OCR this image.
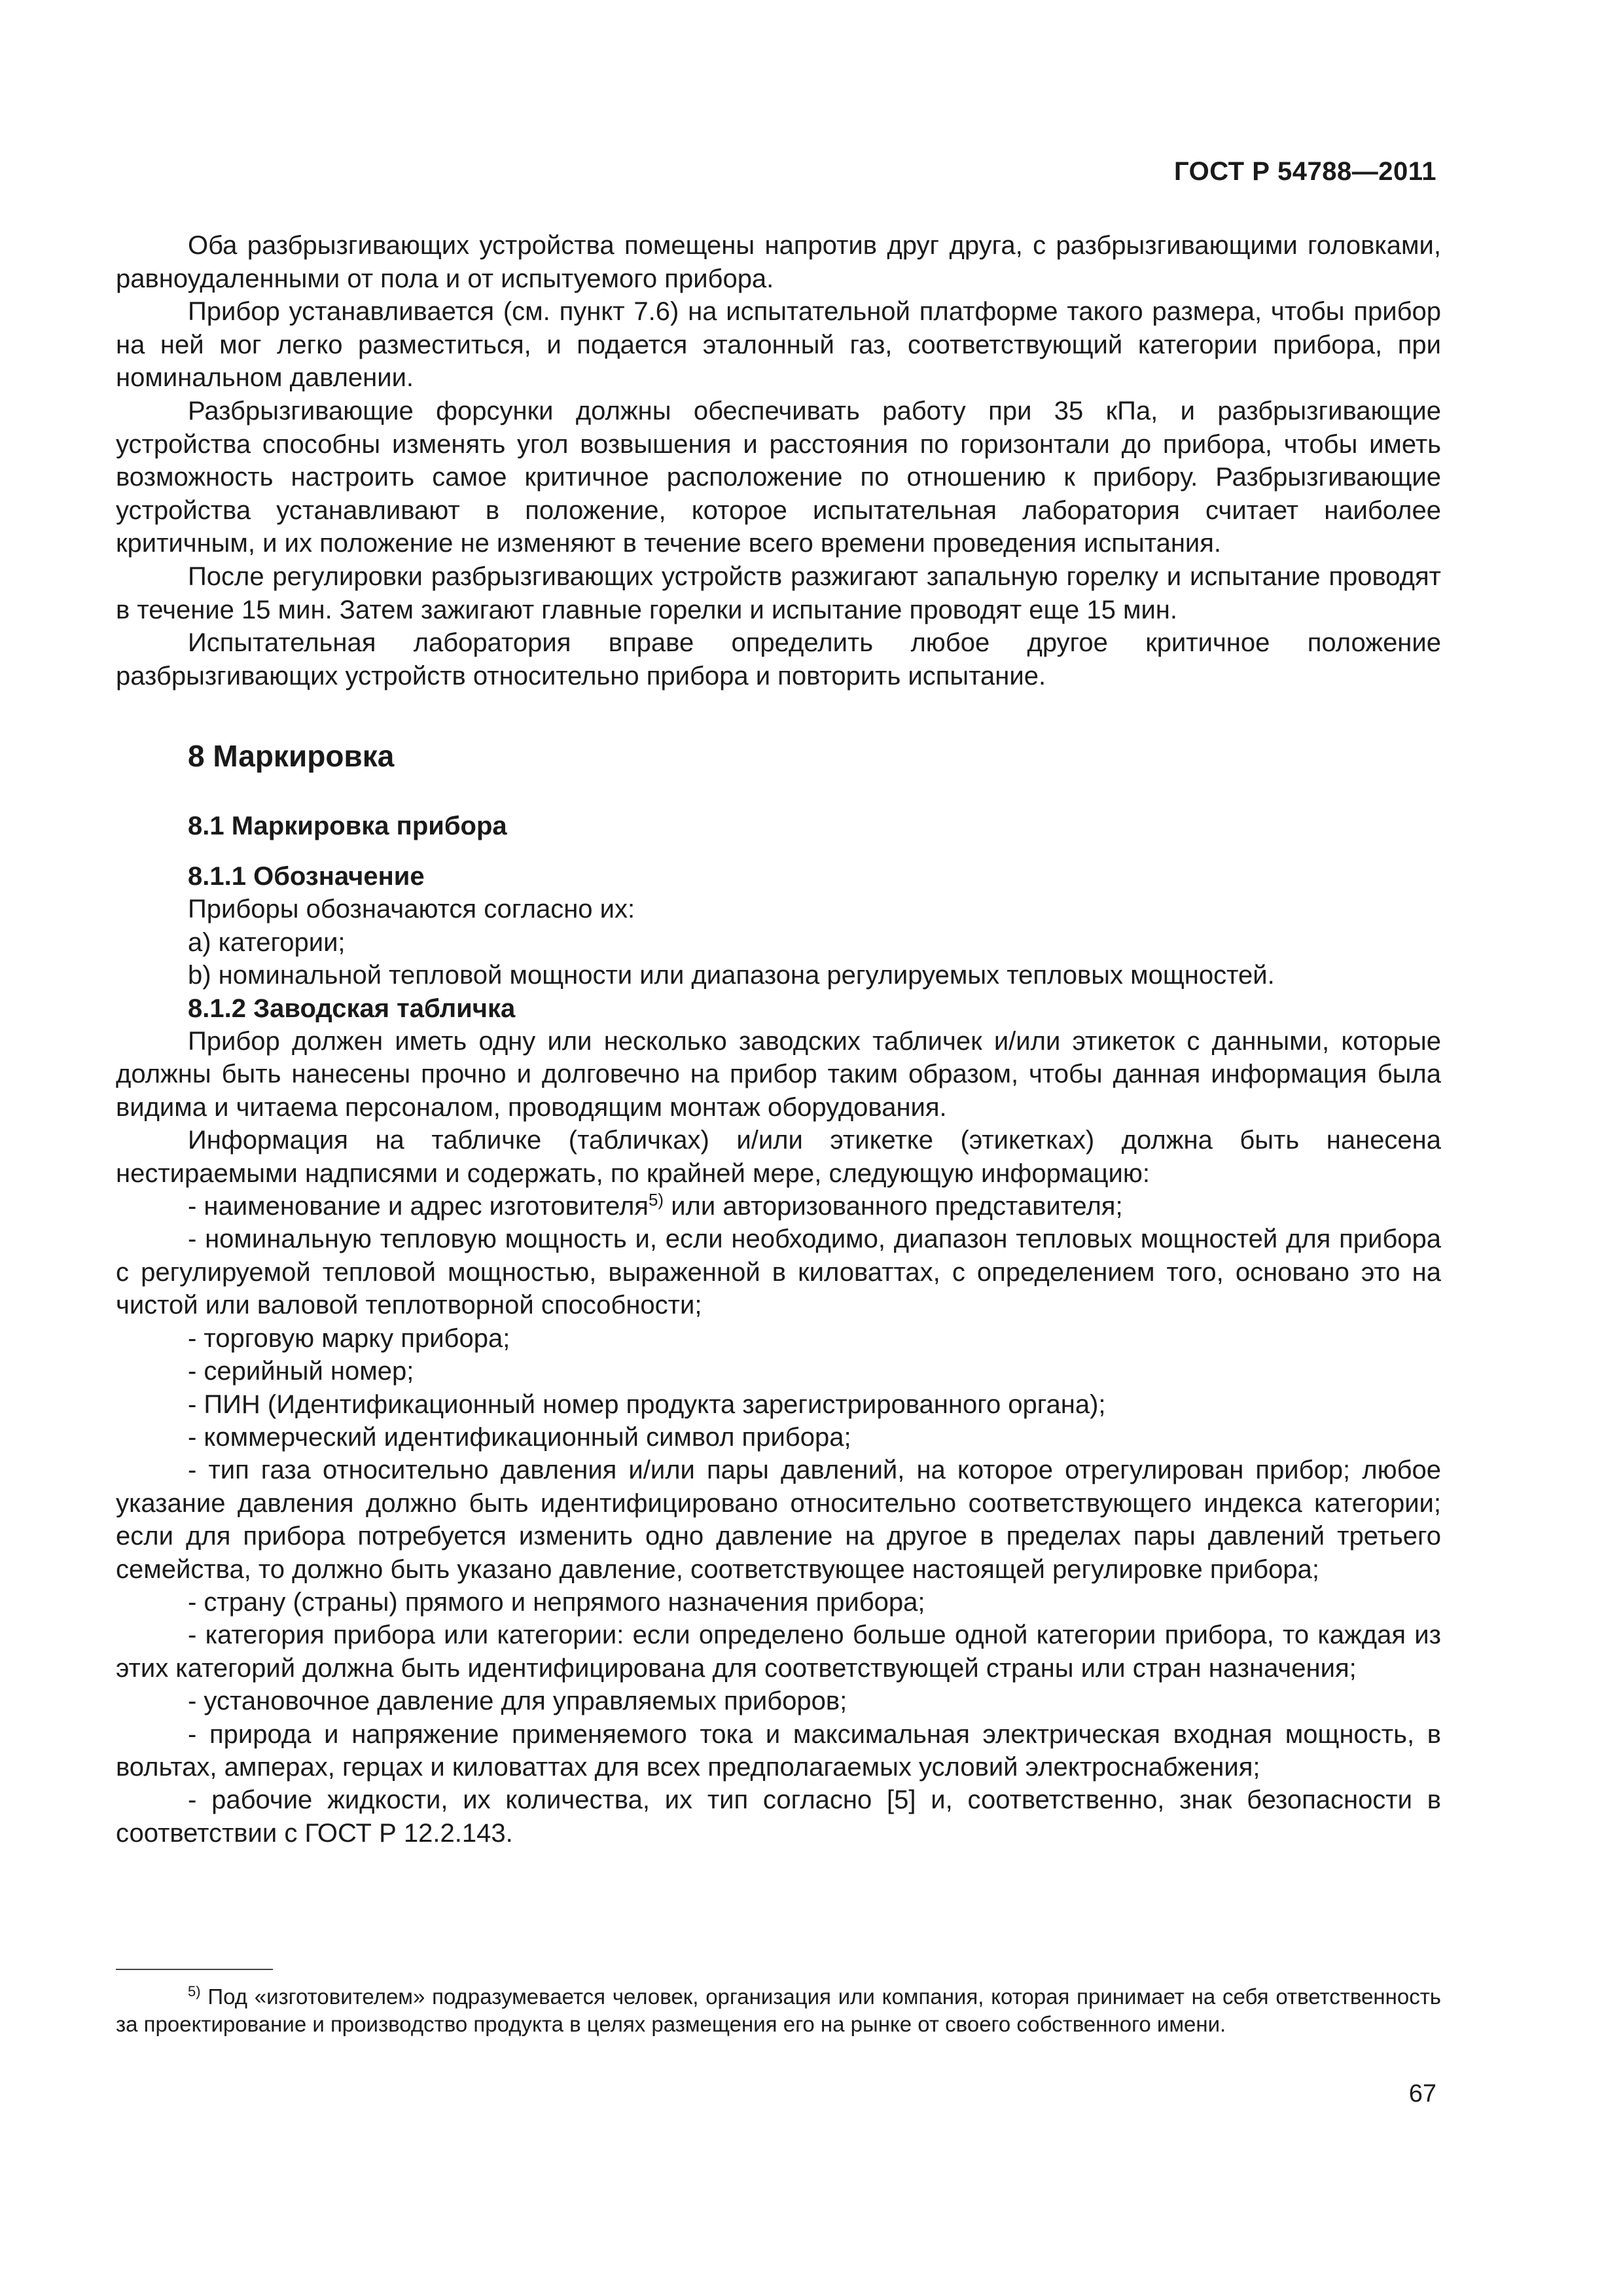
ГОСТ Р 54788—2011

Оба разбрызгивающих устройства помещены напротив друг друга, с разбрызгивающими головками, равноудаленными от пола и от испытуемого прибора.

Прибор устанавливается (см. пункт 7.6) на испытательной платформе такого размера, чтобы прибор на ней мог легко разместиться, и подается эталонный газ, соответствующий категории прибора, при номинальном давлении.

Разбрызгивающие форсунки должны обеспечивать работу при 35 кПа, и разбрызгивающие устройства способны изменять угол возвышения и расстояния по горизонтали до прибора, чтобы иметь возможность настроить самое критичное расположение по отношению к прибору. Разбрызгивающие устройства устанавливают в положение, которое испытательная лаборатория считает наиболее критичным, и их положение не изменяют в течение всего времени проведения испытания.

После регулировки разбрызгивающих устройств разжигают запальную горелку и испытание проводят в течение 15 мин. Затем зажигают главные горелки и испытание проводят еще 15 мин.

Испытательная лаборатория вправе определить любое другое критичное положение разбрызгивающих устройств относительно прибора и повторить испытание.

8 Маркировка
8.1 Маркировка прибора

8.1.1 Обозначение

Приборы обозначаются согласно их:

a) категории;

b) номинальной тепловой мощности или диапазона регулируемых тепловых мощностей.

8.1.2 Заводская табличка

Прибор должен иметь одну или несколько заводских табличек и/или этикеток с данными, которые должны быть нанесены прочно и долговечно на прибор таким образом, чтобы данная информация была видима и читаема персоналом, проводящим монтаж оборудования.

Информация на табличке (табличках) и/или этикетке (этикетках) должна быть нанесена нестираемыми надписями и содержать, по крайней мере, следующую информацию:

- наименование и адрес изготовителя$^{5)}$ или авторизованного представителя;

- номинальную тепловую мощность и, если необходимо, диапазон тепловых мощностей для прибора с регулируемой тепловой мощностью, выраженной в киловаттах, с определением того, основано это на чистой или валовой теплотворной способности;

- торговую марку прибора;

- серийный номер;

- ПИН (Идентификационный номер продукта зарегистрированного органа);

- коммерческий идентификационный символ прибора;

- тип газа относительно давления и/или пары давлений, на которое отрегулирован прибор; любое указание давления должно быть идентифицировано относительно соответствующего индекса категории; если для прибора потребуется изменить одно давление на другое в пределах пары давлений третьего семейства, то должно быть указано давление, соответствующее настоящей регулировке прибора;

- страну (страны) прямого и непрямого назначения прибора;

- категория прибора или категории: если определено больше одной категории прибора, то каждая из этих категорий должна быть идентифицирована для соответствующей страны или стран назначения;

- установочное давление для управляемых приборов;

- природа и напряжение применяемого тока и максимальная электрическая входная мощность, в вольтах, амперах, герцах и киловаттах для всех предполагаемых условий электроснабжения;

- рабочие жидкости, их количества, их тип согласно [5] и, соответственно, знак безопасности в соответствии с ГОСТ Р 12.2.143.

$^{5)}$ Под «изготовителем» подразумевается человек, организация или компания, которая принимает на себя ответственность за проектирование и производство продукта в целях размещения его на рынке от своего собственного имени.

67
